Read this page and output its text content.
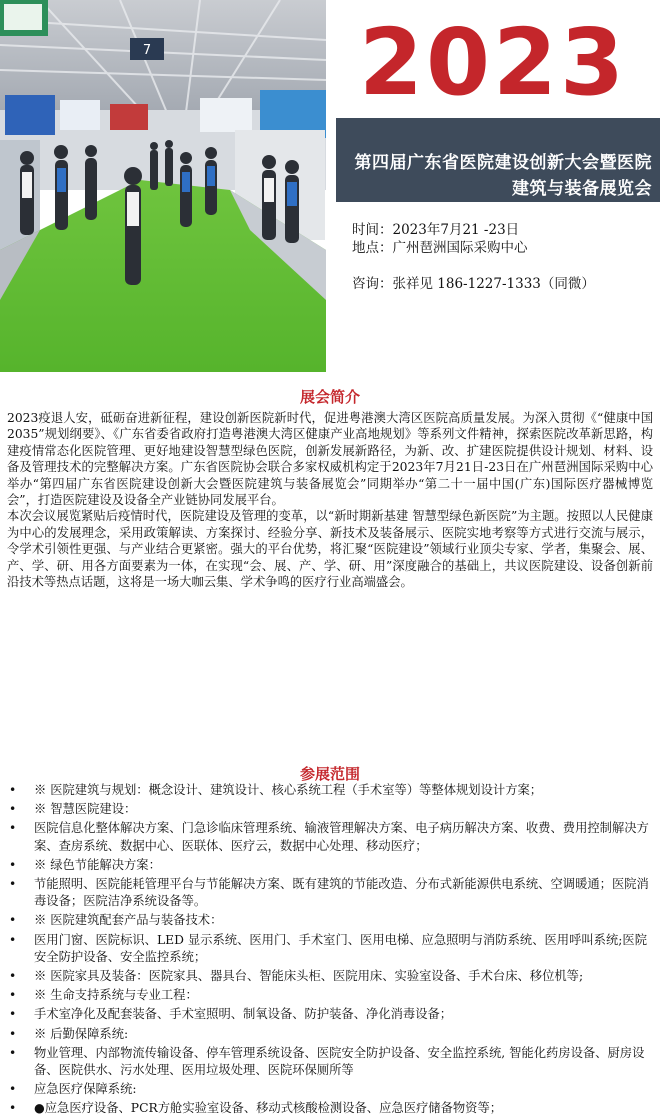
7	2023
第四届广东省医院建设创新大会暨医院
建筑与装备展览会
时间：2023年7月21 -23日
地点：广州琶洲国际采购中心
咨询：张祥见 186-1227-1333（同微）
展会简介

2023疫退人安，砥砺奋进新征程，建设创新医院新时代，促进粤港澳大湾区医院高质量发展。为深入贯彻《“健康中国2035”规划纲要》、《广东省委省政府打造粤港澳大湾区健康产业高地规划》等系列文件精神，探索医院改革新思路，构建疫情常态化医院管理、更好地建设智慧型绿色医院，创新发展新路径，为新、改、扩建医院提供设计规划、材料、设备及管理技术的完整解决方案。广东省医院协会联合多家权威机构定于2023年7月21日-23日在广州琶洲国际采购中心举办“第四届广东省医院建设创新大会暨医院建筑与装备展览会”同期举办“第二十一届中国(广东)国际医疗器械博览会”，打造医院建设及设备全产业链协同发展平台。

本次会议展览紧贴后疫情时代，医院建设及管理的变革，以“新时期新基建 智慧型绿色新医院”为主题。按照以人民健康为中心的发展理念，采用政策解读、方案探讨、经验分享、新技术及装备展示、医院实地考察等方式进行交流与展示，令学术引领性更强、与产业结合更紧密。强大的平台优势，将汇聚“医院建设”领域行业顶尖专家、学者，集聚会、展、产、学、研、用各方面要素为一体，在实现“会、展、产、学、研、用”深度融合的基础上，共议医院建设、设备创新前沿技术等热点话题，这将是一场大咖云集、学术争鸣的医疗行业高端盛会。

参展范围
• ※ 医院建筑与规划：概念设计、建筑设计、核心系统工程（手术室等）等整体规划设计方案；
• ※ 智慧医院建设：
• 医院信息化整体解决方案、门急诊临床管理系统、输液管理解决方案、电子病历解决方案、收费、费用控制解决方案、查房系统、数据中心、医联体、医疗云，数据中心处理、移动医疗；
• ※ 绿色节能解决方案：
• 节能照明、医院能耗管理平台与节能解决方案、既有建筑的节能改造、分布式新能源供电系统、空调暖通；医院消毒设备；医院洁净系统设备等。
• ※ 医院建筑配套产品与装备技术：
• 医用门窗、医院标识、LED 显示系统、医用门、手术室门、医用电梯、应急照明与消防系统、医用呼叫系统;医院安全防护设备、安全监控系统；
• ※ 医院家具及装备：医院家具、器具台、智能床头柜、医院用床、实验室设备、手术台床、移位机等;
• ※ 生命支持系统与专业工程：
• 手术室净化及配套装备、手术室照明、制氧设备、防护装备、净化消毒设备；
• ※ 后勤保障系统:
• 物业管理、内部物流传输设备、停车管理系统设备、医院安全防护设备、安全监控系统, 智能化药房设备、厨房设备、医院供水、污水处理、医用垃圾处理、医院环保厕所等
• 应急医疗保障系统:
• ●应急医疗设备、PCR方舱实验室设备、移动式核酸检测设备、应急医疗储备物资等；
